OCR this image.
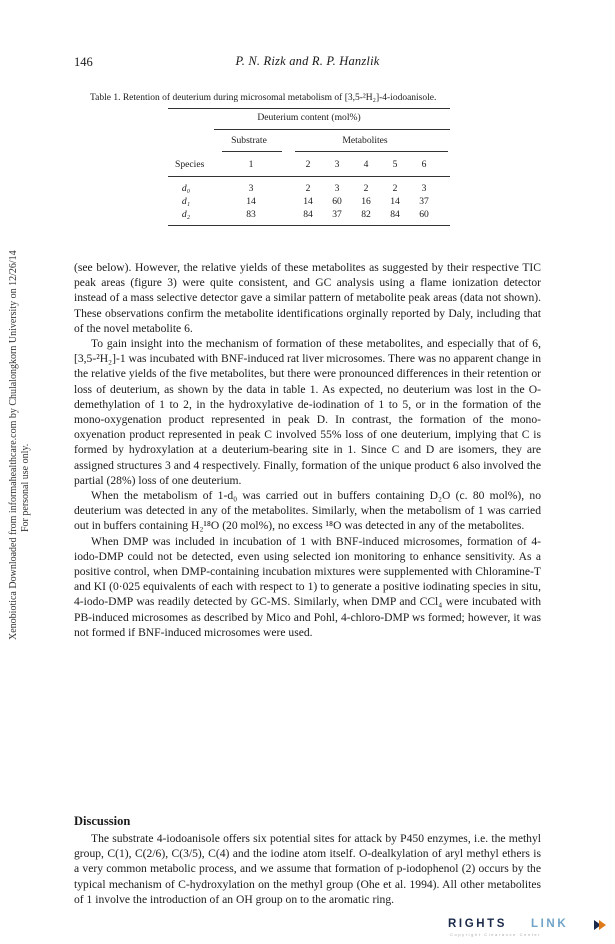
146	P. N. Rizk and R. P. Hanzlik
Table 1. Retention of deuterium during microsomal metabolism of [3,5-²H₂]-4-iodoanisole.
Deuterium content (mol%)
Substrate	Metabolites
Species	1	2	3	4	5	6
d₀	3	2	3	2	2	3
d₁	14	14	60	16	14	37
d₂	83	84	37	82	84	60

(see below). However, the relative yields of these metabolites as suggested by their respective TIC peak areas (figure 3) were quite consistent, and GC analysis using a flame ionization detector instead of a mass selective detector gave a similar pattern of metabolite peak areas (data not shown). These observations confirm the metabolite identifications orginally reported by Daly, including that of the novel metabolite 6.

To gain insight into the mechanism of formation of these metabolites, and especially that of 6, [3,5-²H₂]-1 was incubated with BNF-induced rat liver microsomes. There was no apparent change in the relative yields of the five metabolites, but there were pronounced differences in their retention or loss of deuterium, as shown by the data in table 1. As expected, no deuterium was lost in the O-demethylation of 1 to 2, in the hydroxylative de-iodination of 1 to 5, or in the formation of the mono-oxygenation product represented in peak D. In contrast, the formation of the mono-oxyenation product represented in peak C involved 55% loss of one deuterium, implying that C is formed by hydroxylation at a deuterium-bearing site in 1. Since C and D are isomers, they are assigned structures 3 and 4 respectively. Finally, formation of the unique product 6 also involved the partial (28%) loss of one deuterium.

When the metabolism of 1-d₀ was carried out in buffers containing D₂O (c. 80 mol%), no deuterium was detected in any of the metabolites. Similarly, when the metabolism of 1 was carried out in buffers containing H₂¹⁸O (20 mol%), no excess ¹⁸O was detected in any of the metabolites.

When DMP was included in incubation of 1 with BNF-induced microsomes, formation of 4-iodo-DMP could not be detected, even using selected ion monitoring to enhance sensitivity. As a positive control, when DMP-containing incubation mixtures were supplemented with Chloramine-T and KI (0·025 equivalents of each with respect to 1) to generate a positive iodinating species in situ, 4-iodo-DMP was readily detected by GC-MS. Similarly, when DMP and CCl₄ were incubated with PB-induced microsomes as described by Mico and Pohl, 4-chloro-DMP ws formed; however, it was not formed if BNF-induced microsomes were used.

Discussion

The substrate 4-iodoanisole offers six potential sites for attack by P450 enzymes, i.e. the methyl group, C(1), C(2/6), C(3/5), C(4) and the iodine atom itself. O-dealkylation of aryl methyl ethers is a very common metabolic process, and we assume that formation of p-iodophenol (2) occurs by the typical mechanism of C-hydroxylation on the methyl group (Ohe et al. 1994). All other metabolites of 1 involve the introduction of an OH group on to the aromatic ring.

Xenobiotica Downloaded from informahealthcare.com by Chulalongkorn University on 12/26/14 For personal use only.
RIGHTS LINK
Copyright Clearance Center
